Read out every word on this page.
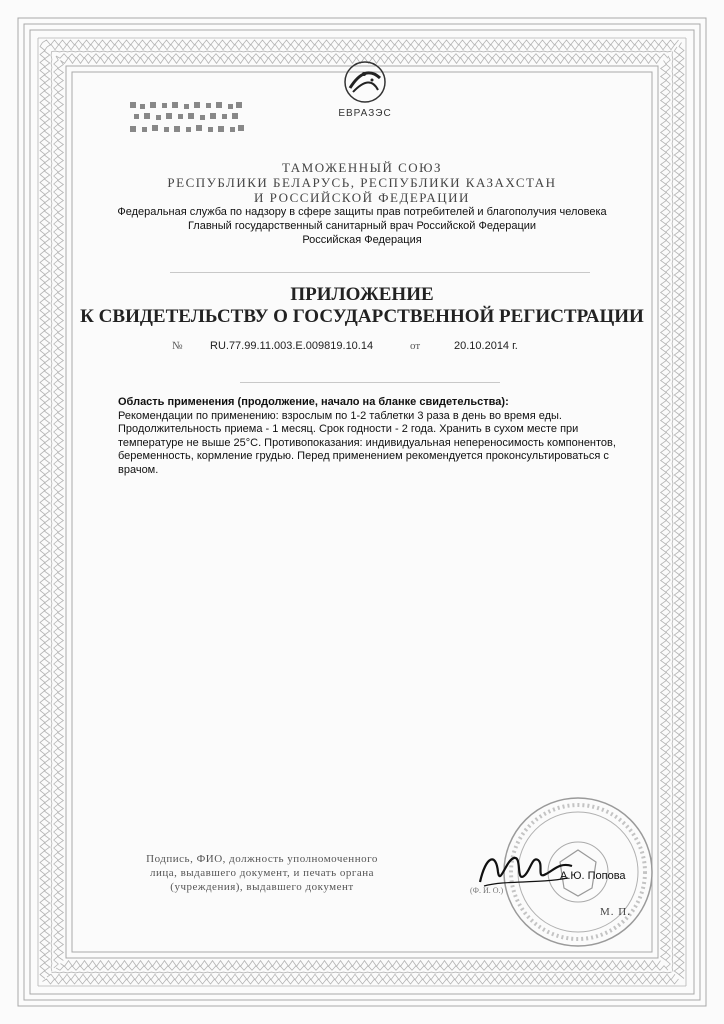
ЕВРАЗЭС
ТАМОЖЕННЫЙ СОЮЗ
РЕСПУБЛИКИ БЕЛАРУСЬ, РЕСПУБЛИКИ КАЗАХСТАН
И РОССИЙСКОЙ ФЕДЕРАЦИИ
Федеральная служба по надзору в сфере защиты прав потребителей и благополучия человека
Главный государственный санитарный врач Российской Федерации
Российская Федерация
ПРИЛОЖЕНИЕ
К СВИДЕТЕЛЬСТВУ О ГОСУДАРСТВЕННОЙ РЕГИСТРАЦИИ
№	RU.77.99.11.003.Е.009819.10.14	от	20.10.2014 г.

Область применения (продолжение, начало на бланке свидетельства):

Рекомендации по применению: взрослым по 1-2 таблетки 3 раза в день во время еды. Продолжительность приема - 1 месяц. Срок годности - 2 года. Хранить в сухом месте при температуре не выше 25°С. Противопоказания: индивидуальная непереносимость компонентов, беременность, кормление грудью. Перед применением рекомендуется проконсультироваться с врачом.

Подпись, ФИО, должность уполномоченного
лица, выдавшего документ, и печать органа
(учреждения), выдавшего документ
А.Ю. Попова
(Ф. И. О.)
М. П.
